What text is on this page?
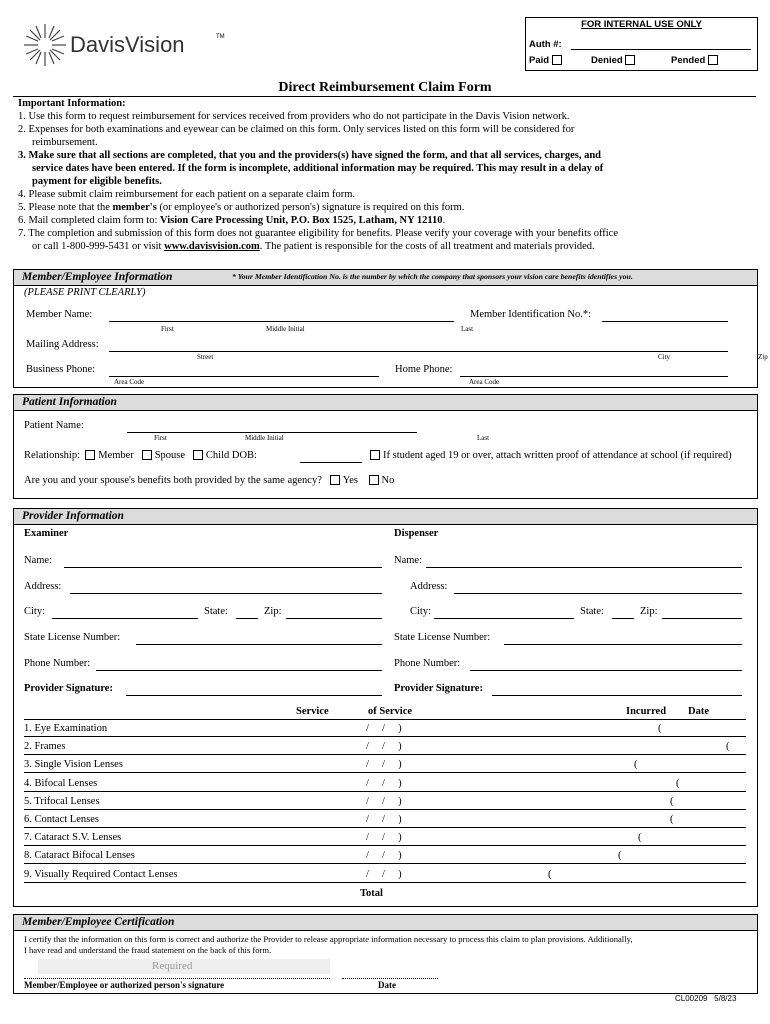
DavisVision	TM
FOR INTERNAL USE ONLY
Auth #:
Paid	Denied	Pended
Direct Reimbursement Claim Form
Important Information:
1. Use this form to request reimbursement for services received from providers who do not participate in the Davis Vision network.
2. Expenses for both examinations and eyewear can be claimed on this form. Only services listed on this form will be considered for
reimbursement.
3. Make sure that all sections are completed, that you and the providers(s) have signed the form, and that all services, charges, and
service dates have been entered. If the form is incomplete, additional information may be required. This may result in a delay of
payment for eligible benefits.
4. Please submit claim reimbursement for each patient on a separate claim form.
5. Please note that the member's (or employee's or authorized person's) signature is required on this form.
6. Mail completed claim form to: Vision Care Processing Unit, P.O. Box 1525, Latham, NY 12110.
7. The completion and submission of this form does not guarantee eligibility for benefits. Please verify your coverage with your benefits office
or call 1-800-999-5431 or visit www.davisvision.com. The patient is responsible for the costs of all treatment and materials provided.
Member/Employee Information	* Your Member Identification No. is the number by which the company that sponsors your vision care benefits identifies you.
(PLEASE PRINT CLEARLY)
Member Name:
First	Middle Initial	Last
Member Identification No.*:
Mailing Address:
Street	City	Zip
Business Phone:
Area Code
Home Phone:
Area Code
Patient Information
Patient Name:
First	Middle Initial	Last
Relationship: Member Spouse Child DOB:	If student aged 19 or over, attach written proof of attendance at school (if required)
Are you and your spouse's benefits both provided by the same agency? Yes No
Provider Information
Examiner	Dispenser
Name:	Name:
Address:	Address:
City:	State:	Zip:	City:	State:	Zip:
State License Number:	State License Number:
Phone Number:	Phone Number:
Provider Signature:	Provider Signature:
Service	of Service	Incurred Date
1. Eye Examination	/     /     )	(
2. Frames	/     /     )	(
3. Single Vision Lenses	/     /     )	(
4. Bifocal Lenses	/     /     )	(
5. Trifocal Lenses	/     /     )	(
6. Contact Lenses	/     /     )	(
7. Cataract S.V. Lenses	/     /     )	(
8. Cataract Bifocal Lenses	/     /     )	(
9. Visually Required Contact Lenses	/     /     )	(
Total
Member/Employee Certification
I certify that the information on this form is correct and authorize the Provider to release appropriate information necessary to process this claim to plan provisions. Additionally,
I have read and understand the fraud statement on the back of this form.
Required
Member/Employee or authorized person's signature	Date
CL00209 5/8/23
